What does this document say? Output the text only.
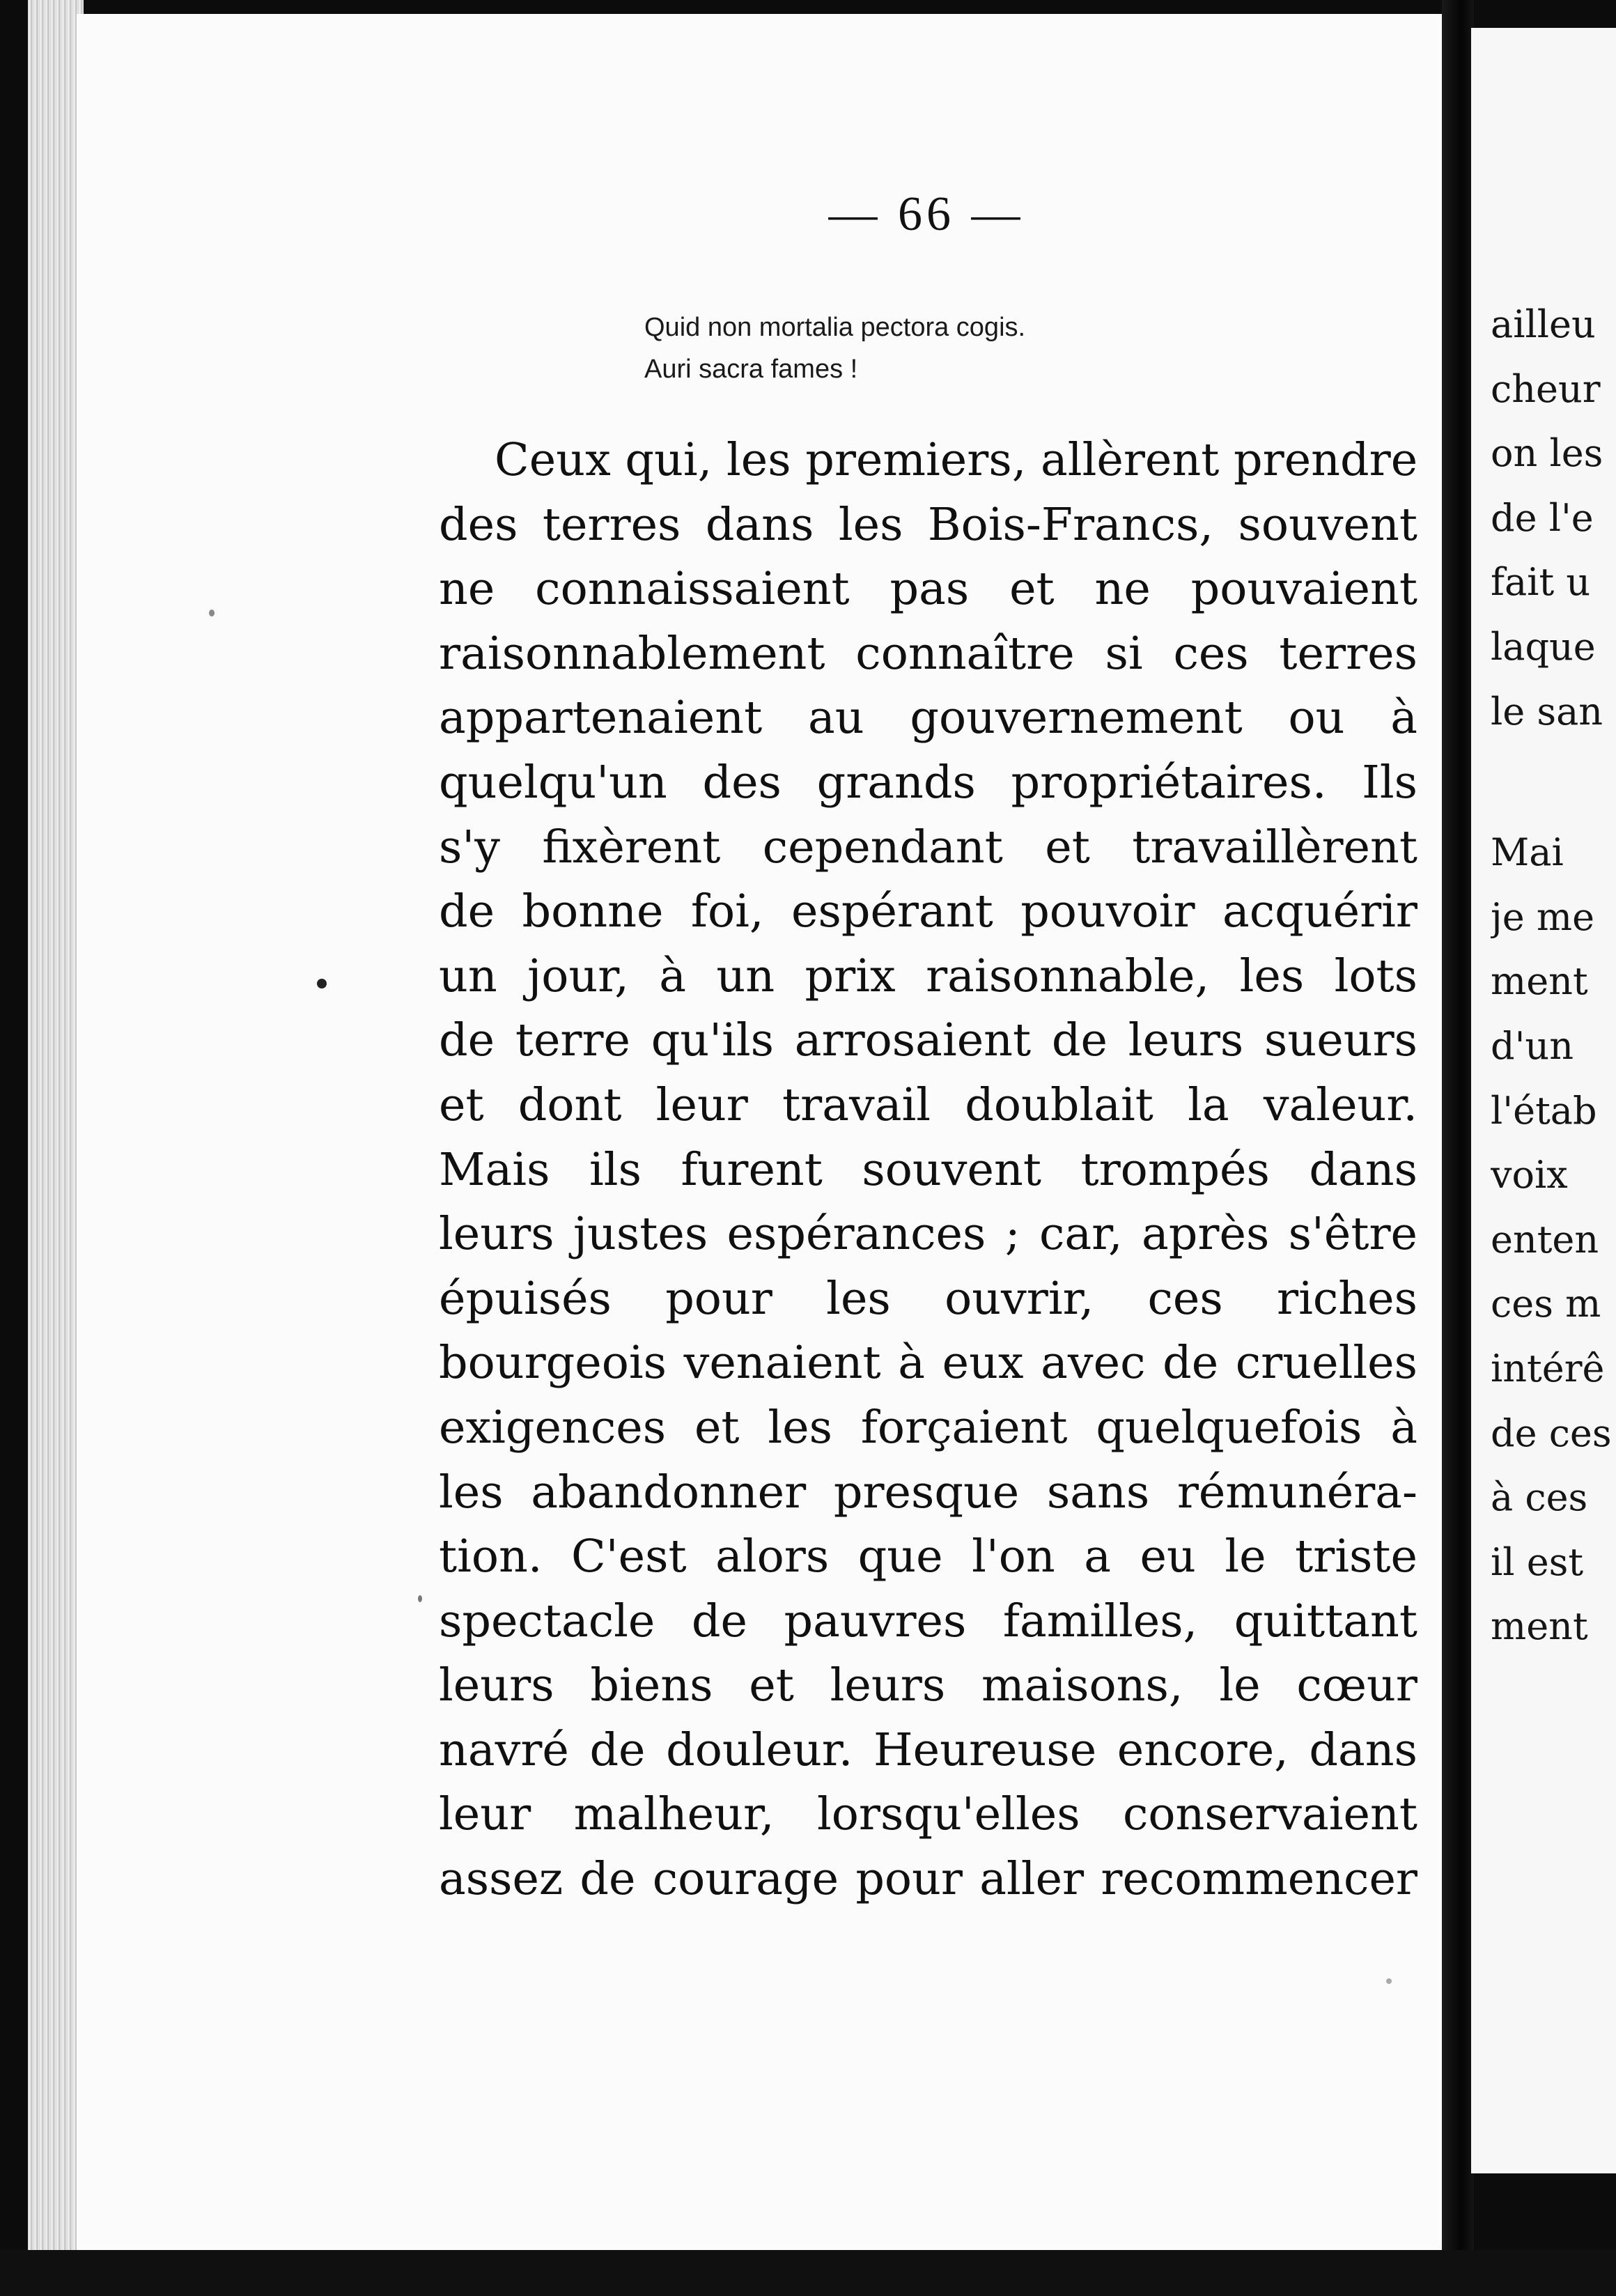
— 66 —
Quid non mortalia pectora cogis.
Auri sacra fames !
Ceux qui, les premiers, allèrent prendre
des terres dans les Bois-Francs, souvent
ne connaissaient pas et ne pouvaient
raisonnablement connaître si ces terres
appartenaient au gouvernement ou à
quelqu'un des grands propriétaires. Ils
s'y fixèrent cependant et travaillèrent
de bonne foi, espérant pouvoir acquérir
un jour, à un prix raisonnable, les lots
de terre qu'ils arrosaient de leurs sueurs
et dont leur travail doublait la valeur.
Mais ils furent souvent trompés dans
leurs justes espérances ; car, après s'être
épuisés pour les ouvrir, ces riches
bourgeois venaient à eux avec de cruelles
exigences et les forçaient quelquefois à
les abandonner presque sans rémunéra-
tion. C'est alors que l'on a eu le triste
spectacle de pauvres familles, quittant
leurs biens et leurs maisons, le cœur
navré de douleur. Heureuse encore, dans
leur malheur, lorsqu'elles conservaient
assez de courage pour aller recommencer
ailleu
cheur
on les
de l'e
fait u
laque
le san
Mai
je me
ment
d'un
l'étab
voix
enten
ces m
intérê
de ces
à ces
il est
ment
